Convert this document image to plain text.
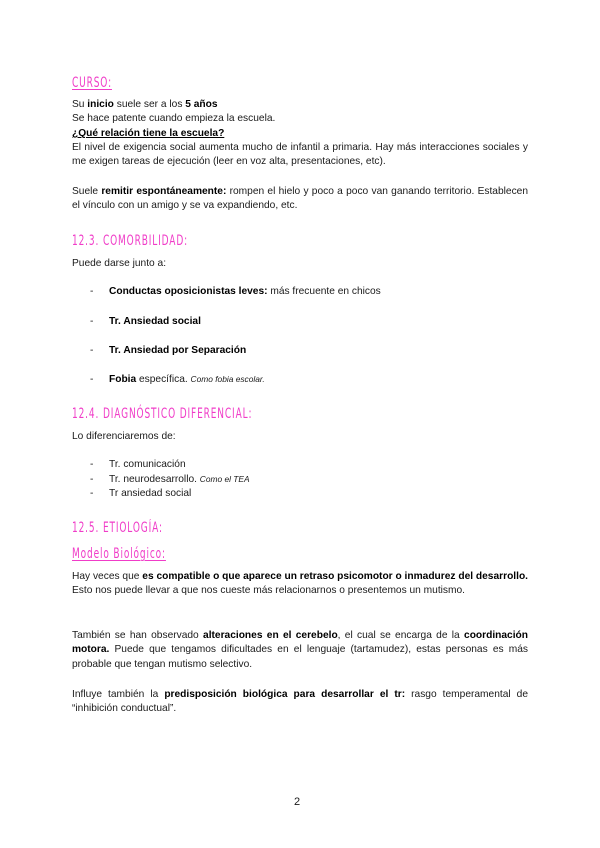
CURSO:
Su inicio suele ser a los 5 años
Se hace patente cuando empieza la escuela.
¿Qué relación tiene la escuela?
El nivel de exigencia social aumenta mucho de infantil a primaria. Hay más interacciones sociales y me exigen tareas de ejecución (leer en voz alta, presentaciones, etc).
Suele remitir espontáneamente: rompen el hielo y poco a poco van ganando territorio. Establecen el vínculo con un amigo y se va expandiendo, etc.
12.3. COMORBILIDAD:
Puede darse junto a:
- Conductas oposicionistas leves: más frecuente en chicos
- Tr. Ansiedad social
- Tr. Ansiedad por Separación
- Fobia específica. Como fobia escolar.
12.4. DIAGNÓSTICO DIFERENCIAL:
Lo diferenciaremos de:
- Tr. comunicación
- Tr. neurodesarrollo. Como el TEA
- Tr ansiedad social
12.5. ETIOLOGÍA:
Modelo Biológico:
Hay veces que es compatible o que aparece un retraso psicomotor o inmadurez del desarrollo. Esto nos puede llevar a que nos cueste más relacionarnos o presentemos un mutismo.
También se han observado alteraciones en el cerebelo, el cual se encarga de la coordinación motora. Puede que tengamos dificultades en el lenguaje (tartamudez), estas personas es más probable que tengan mutismo selectivo.
Influye también la predisposición biológica para desarrollar el tr: rasgo temperamental de “inhibición conductual”.
2
